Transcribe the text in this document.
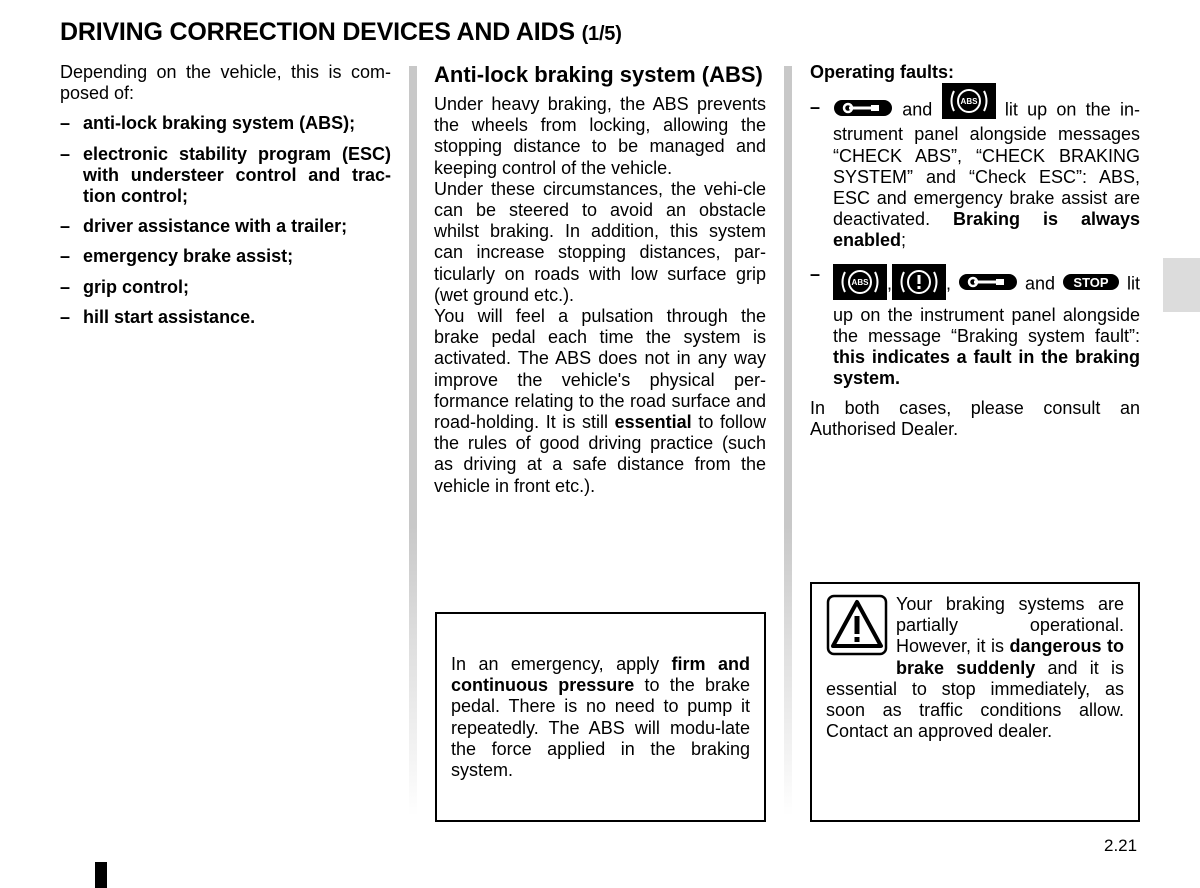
DRIVING CORRECTION DEVICES AND AIDS (1/5)

Depending on the vehicle, this is com-posed of:

– anti-lock braking system (ABS);
– electronic stability program (ESC) with understeer control and trac-tion control;
– driver assistance with a trailer;
– emergency brake assist;
– grip control;
– hill start assistance.
Anti-lock braking system (ABS)

Under heavy braking, the ABS prevents the wheels from locking, allowing the stopping distance to be managed and keeping control of the vehicle.

Under these circumstances, the vehi-cle can be steered to avoid an obstacle whilst braking. In addition, this system can increase stopping distances, par-ticularly on roads with low surface grip (wet ground etc.).

You will feel a pulsation through the brake pedal each time the system is activated. The ABS does not in any way improve the vehicle's physical per-formance relating to the road surface and road-holding. It is still essential to follow the rules of good driving practice (such as driving at a safe distance from the vehicle in front etc.).

In an emergency, apply firm and continuous pressure to the brake pedal. There is no need to pump it repeatedly. The ABS will modu-late the force applied in the braking system.

Operating faults:
–	and	ABS lit up on the in-strument panel alongside messages “CHECK ABS”, “CHECK BRAKING SYSTEM” and “Check ESC”: ABS, ESC and emergency brake assist are deactivated. Braking is always enabled;
–	ABS ,	,	and STOP lit up on the instrument panel alongside the message “Braking system fault”: this indicates a fault in the braking system.

In both cases, please consult an Authorised Dealer.

Your braking systems are partially operational. However, it is dangerous to brake suddenly and it is essential to stop immediately, as soon as traffic conditions allow. Contact an approved dealer.

2.21
